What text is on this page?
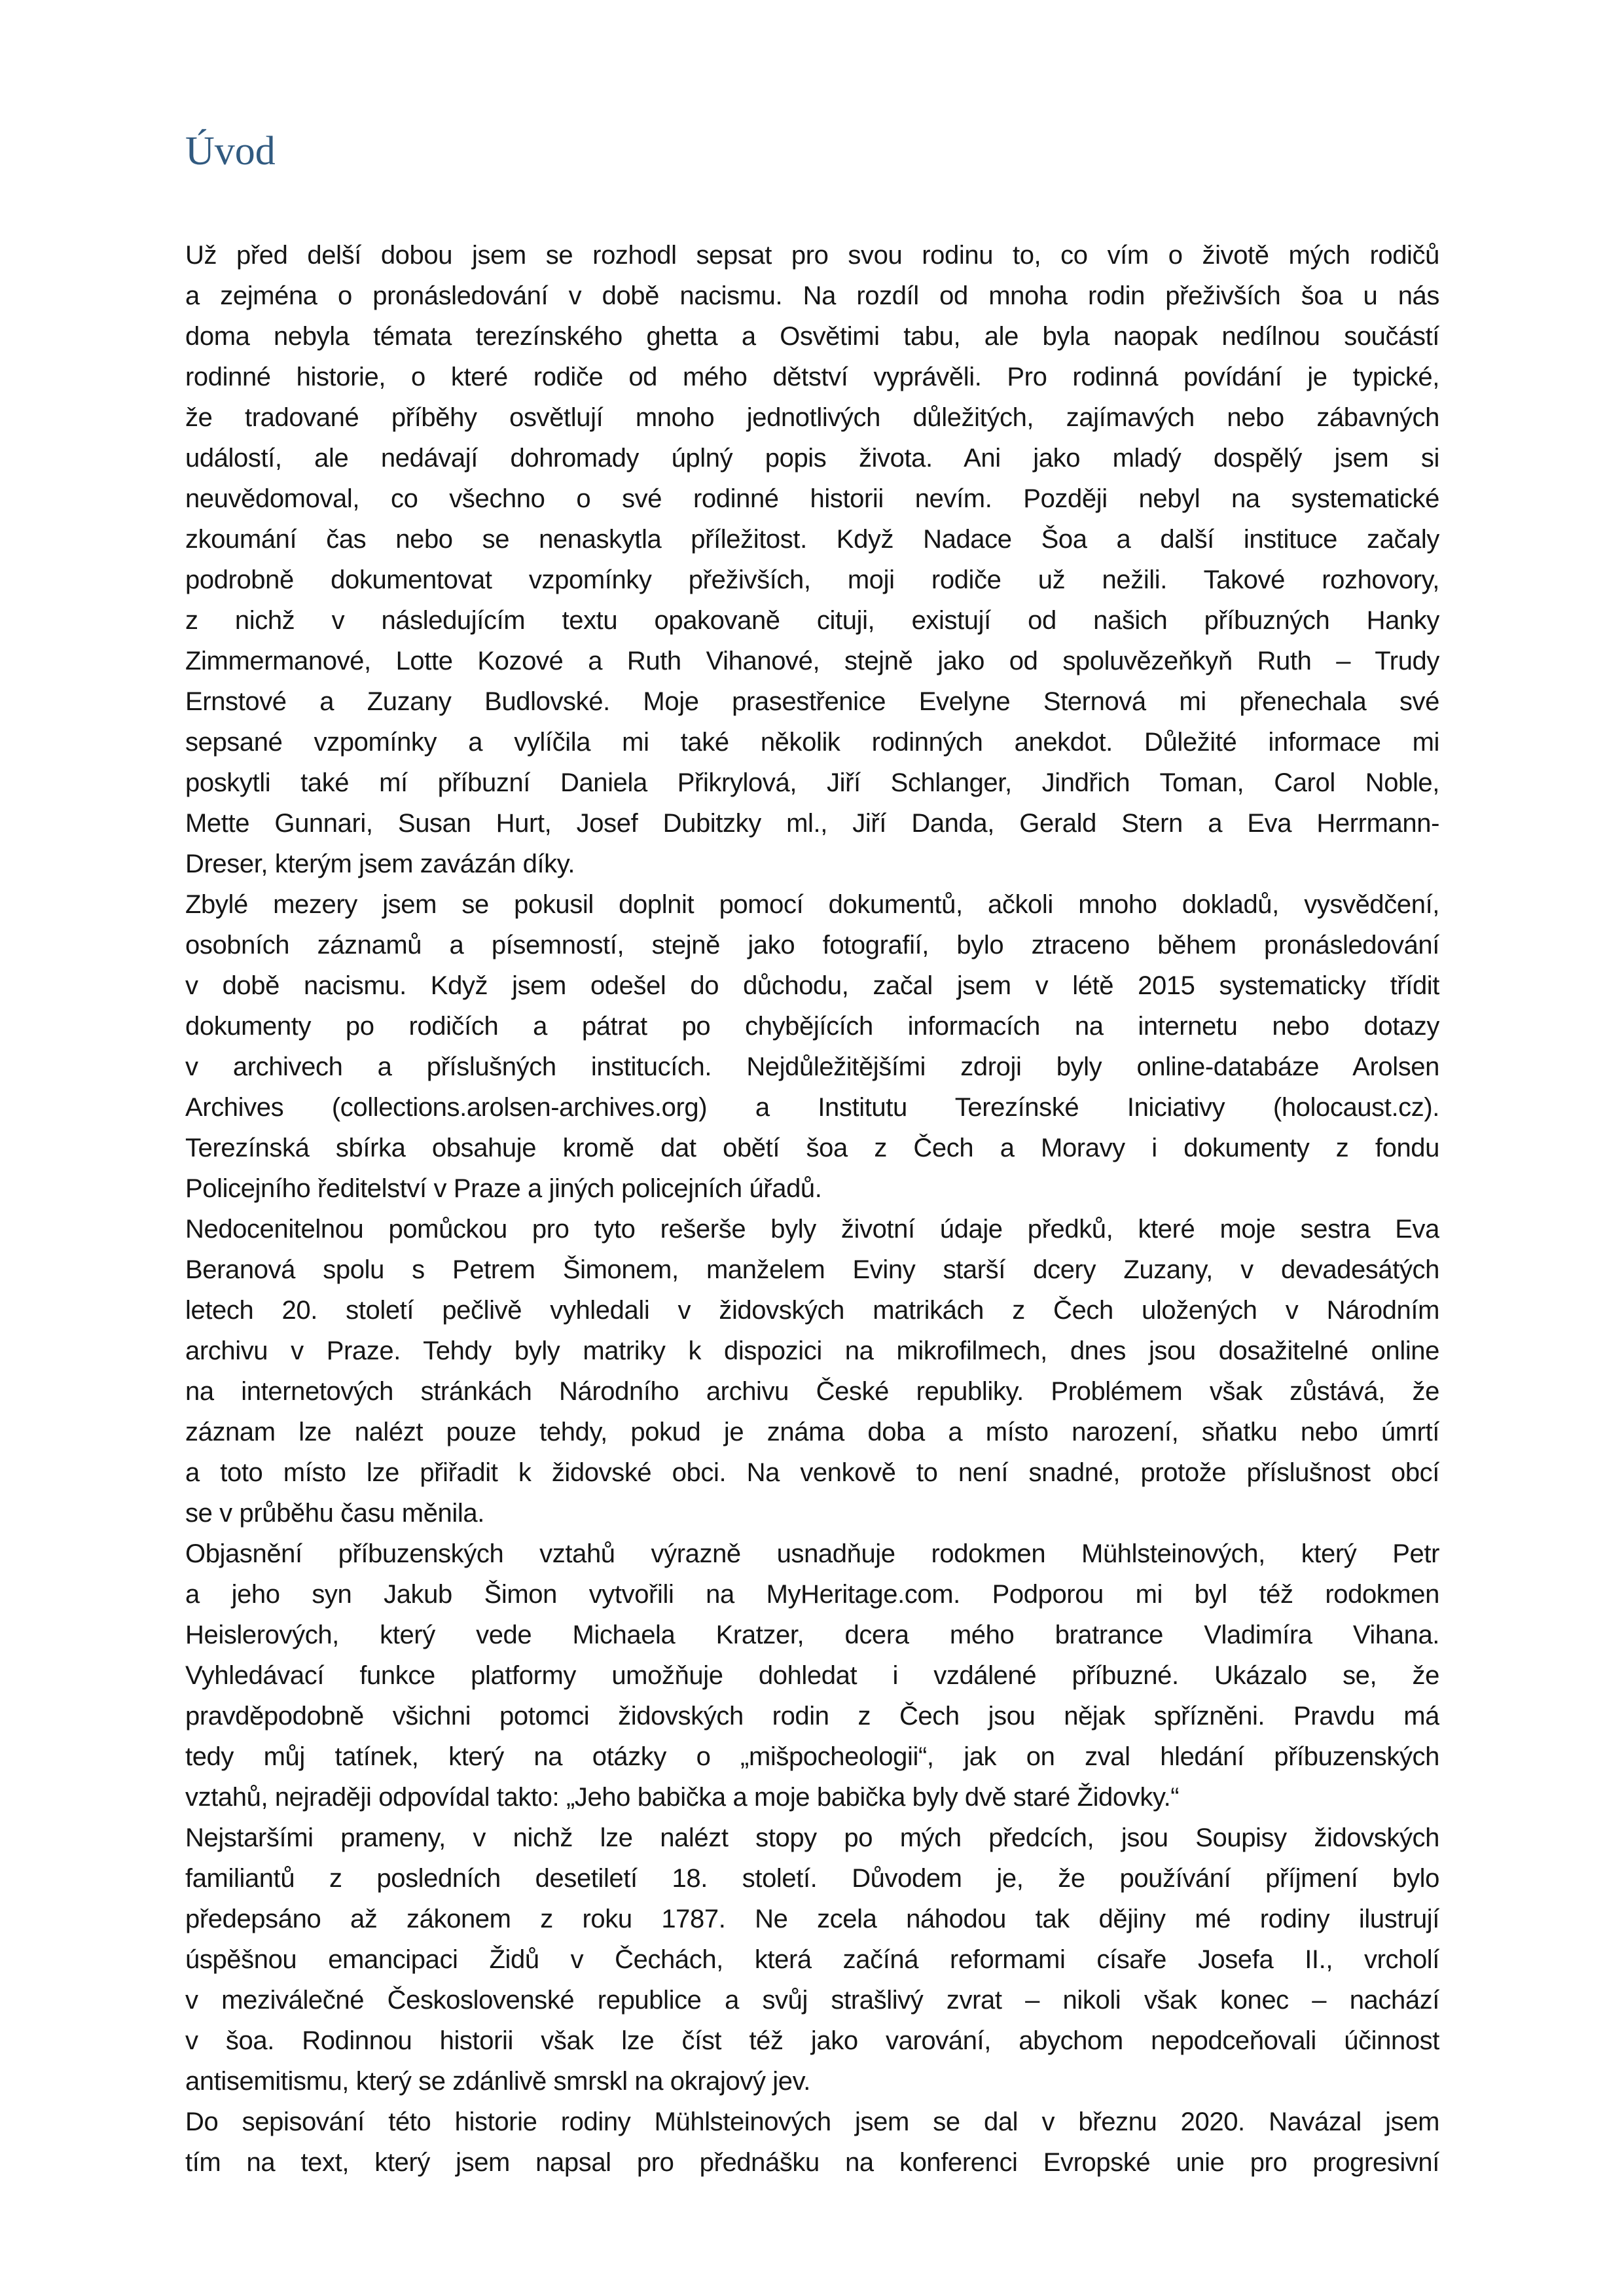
Úvod
Už před delší dobou jsem se rozhodl sepsat pro svou rodinu to, co vím o životě mých rodičů
a zejména o pronásledování v době nacismu. Na rozdíl od mnoha rodin přeživších šoa u nás
doma nebyla témata terezínského ghetta a Osvětimi tabu, ale byla naopak nedílnou součástí
rodinné historie, o které rodiče od mého dětství vyprávěli. Pro rodinná povídání je typické,
že tradované příběhy osvětlují mnoho jednotlivých důležitých, zajímavých nebo zábavných
událostí, ale nedávají dohromady úplný popis života. Ani jako mladý dospělý jsem si
neuvědomoval, co všechno o své rodinné historii nevím. Později nebyl na systematické
zkoumání čas nebo se nenaskytla příležitost. Když Nadace Šoa a další instituce začaly
podrobně dokumentovat vzpomínky přeživších, moji rodiče už nežili. Takové rozhovory,
z nichž v následujícím textu opakovaně cituji, existují od našich příbuzných Hanky
Zimmermanové, Lotte Kozové a Ruth Vihanové, stejně jako od spoluvězeňkyň Ruth – Trudy
Ernstové a Zuzany Budlovské. Moje prasestřenice Evelyne Sternová mi přenechala své
sepsané vzpomínky a vylíčila mi také několik rodinných anekdot. Důležité informace mi
poskytli také mí příbuzní Daniela Přikrylová, Jiří Schlanger, Jindřich Toman, Carol Noble,
Mette Gunnari, Susan Hurt, Josef Dubitzky ml., Jiří Danda, Gerald Stern a Eva Herrmann-
Dreser, kterým jsem zavázán díky.
Zbylé mezery jsem se pokusil doplnit pomocí dokumentů, ačkoli mnoho dokladů, vysvědčení,
osobních záznamů a písemností, stejně jako fotografií, bylo ztraceno během pronásledování
v době nacismu. Když jsem odešel do důchodu, začal jsem v létě 2015 systematicky třídit
dokumenty po rodičích a pátrat po chybějících informacích na internetu nebo dotazy
v archivech a příslušných institucích. Nejdůležitějšími zdroji byly online-databáze Arolsen
Archives (collections.arolsen-archives.org) a Institutu Terezínské Iniciativy (holocaust.cz).
Terezínská sbírka obsahuje kromě dat obětí šoa z Čech a Moravy i dokumenty z fondu
Policejního ředitelství v Praze a jiných policejních úřadů.
Nedocenitelnou pomůckou pro tyto rešerše byly životní údaje předků, které moje sestra Eva
Beranová spolu s Petrem Šimonem, manželem Eviny starší dcery Zuzany, v devadesátých
letech 20. století pečlivě vyhledali v židovských matrikách z Čech uložených v Národním
archivu v Praze. Tehdy byly matriky k dispozici na mikrofilmech, dnes jsou dosažitelné online
na internetových stránkách Národního archivu České republiky. Problémem však zůstává, že
záznam lze nalézt pouze tehdy, pokud je známa doba a místo narození, sňatku nebo úmrtí
a toto místo lze přiřadit k židovské obci. Na venkově to není snadné, protože příslušnost obcí
se v průběhu času měnila.
Objasnění příbuzenských vztahů výrazně usnadňuje rodokmen Mühlsteinových, který Petr
a jeho syn Jakub Šimon vytvořili na MyHeritage.com. Podporou mi byl též rodokmen
Heislerových, který vede Michaela Kratzer, dcera mého bratrance Vladimíra Vihana.
Vyhledávací funkce platformy umožňuje dohledat i vzdálené příbuzné. Ukázalo se, že
pravděpodobně všichni potomci židovských rodin z Čech jsou nějak spřízněni. Pravdu má
tedy můj tatínek, který na otázky o „mišpocheologii“, jak on zval hledání příbuzenských
vztahů, nejraději odpovídal takto: „Jeho babička a moje babička byly dvě staré Židovky.“
Nejstaršími prameny, v nichž lze nalézt stopy po mých předcích, jsou Soupisy židovských
familiantů z posledních desetiletí 18. století. Důvodem je, že používání příjmení bylo
předepsáno až zákonem z roku 1787. Ne zcela náhodou tak dějiny mé rodiny ilustrují
úspěšnou emancipaci Židů v Čechách, která začíná reformami císaře Josefa II., vrcholí
v meziválečné Československé republice a svůj strašlivý zvrat – nikoli však konec – nachází
v šoa. Rodinnou historii však lze číst též jako varování, abychom nepodceňovali účinnost
antisemitismu, který se zdánlivě smrskl na okrajový jev.
Do sepisování této historie rodiny Mühlsteinových jsem se dal v březnu 2020. Navázal jsem
tím na text, který jsem napsal pro přednášku na konferenci Evropské unie pro progresivní
